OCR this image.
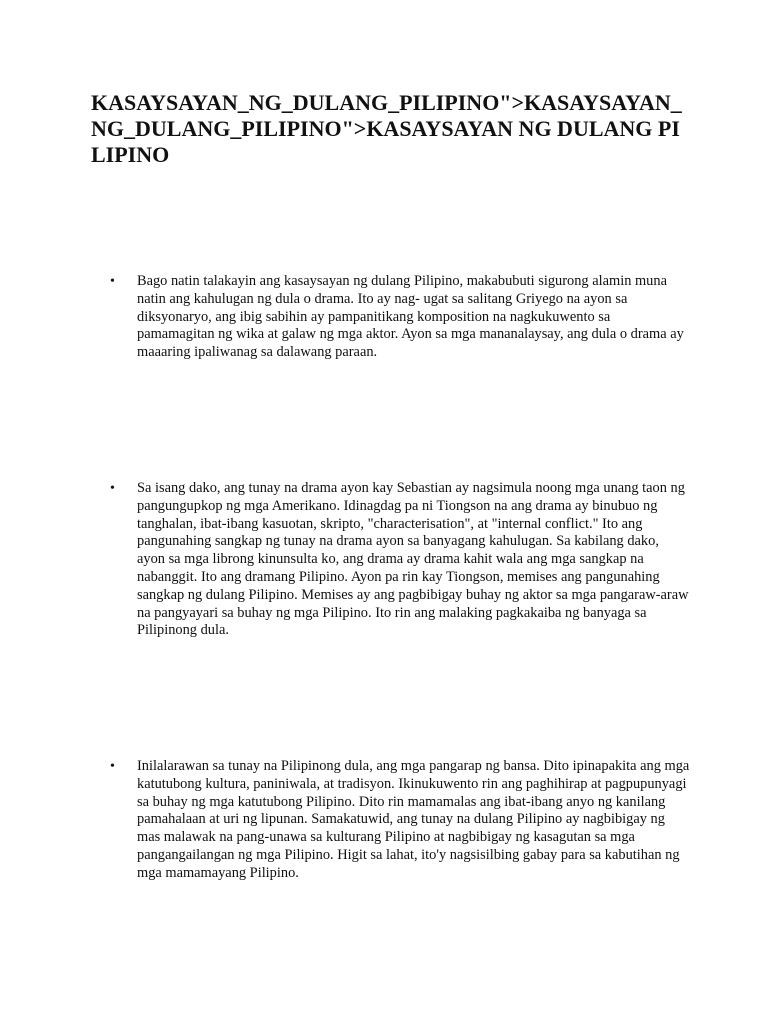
KASAYSAYAN_NG_DULANG_PILIPINO">KASAYSAYAN_NG_DULANG_PILIPINO">KASAYSAYAN NG DULANG PILIPINO
•	Bago natin talakayin ang kasaysayan ng dulang Pilipino, makabubuti sigurong alamin muna natin ang kahulugan ng dula o drama. Ito ay nag- ugat sa salitang Griyego na ayon sa diksyonaryo, ang ibig sabihin ay pampanitikang komposition na nagkukuwento sa pamamagitan ng wika at galaw ng mga aktor. Ayon sa mga mananalaysay, ang dula o drama ay maaaring ipaliwanag sa dalawang paraan.
•	Sa isang dako, ang tunay na drama ayon kay Sebastian ay nagsimula noong mga unang taon ng pangungupkop ng mga Amerikano. Idinagdag pa ni Tiongson na ang drama ay binubuo ng tanghalan, ibat-ibang kasuotan, skripto, "characterisation", at "internal conflict." Ito ang pangunahing sangkap ng tunay na drama ayon sa banyagang kahulugan. Sa kabilang dako, ayon sa mga librong kinunsulta ko, ang drama ay drama kahit wala ang mga sangkap na nabanggit. Ito ang dramang Pilipino. Ayon pa rin kay Tiongson, memises ang pangunahing sangkap ng dulang Pilipino. Memises ay ang pagbibigay buhay ng aktor sa mga pangaraw-araw na pangyayari sa buhay ng mga Pilipino. Ito rin ang malaking pagkakaiba ng banyaga sa Pilipinong dula.
•	Inilalarawan sa tunay na Pilipinong dula, ang mga pangarap ng bansa. Dito ipinapakita ang mga katutubong kultura, paniniwala, at tradisyon. Ikinukuwento rin ang paghihirap at pagpupunyagi sa buhay ng mga katutubong Pilipino. Dito rin mamamalas ang ibat-ibang anyo ng kanilang pamahalaan at uri ng lipunan. Samakatuwid, ang tunay na dulang Pilipino ay nagbibigay ng mas malawak na pang-unawa sa kulturang Pilipino at nagbibigay ng kasagutan sa mga pangangailangan ng mga Pilipino. Higit sa lahat, ito'y nagsisilbing gabay para sa kabutihan ng mga mamamayang Pilipino.
